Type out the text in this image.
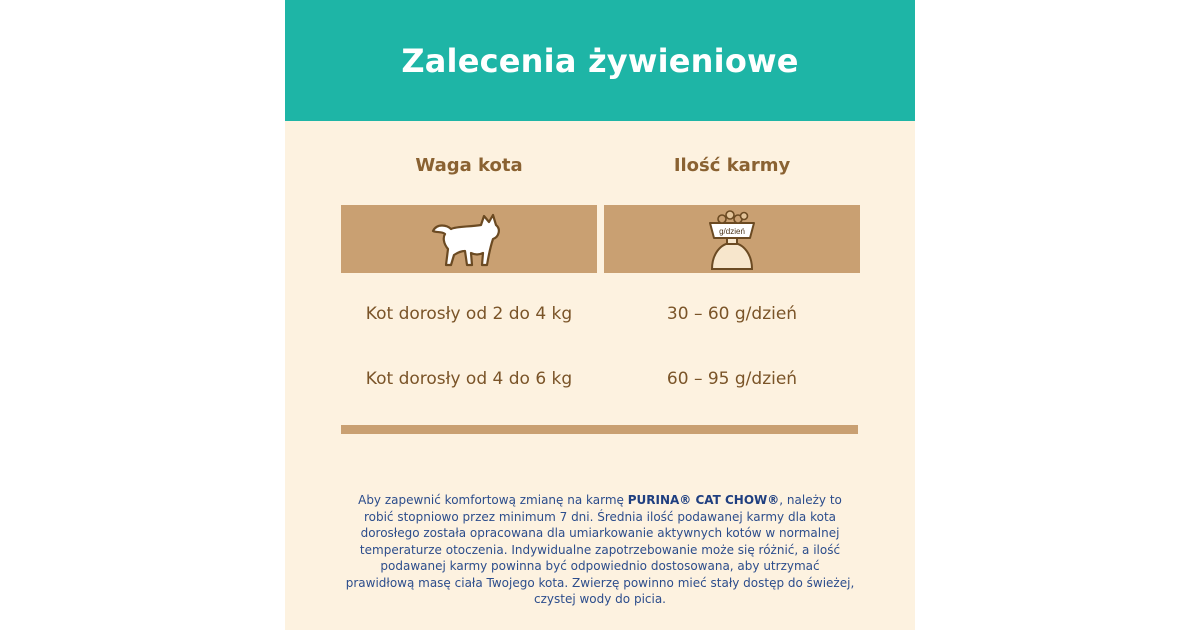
Zalecenia żywieniowe
Waga kota	Ilość karmy
g/dzień
Kot dorosły od 2 do 4 kg	30 – 60 g/dzień
Kot dorosły od 4 do 6 kg	60 – 95 g/dzień
Aby zapewnić komfortową zmianę na karmę PURINA® CAT CHOW®, należy to robić stopniowo przez minimum 7 dni. Średnia ilość podawanej karmy dla kota dorosłego została opracowana dla umiarkowanie aktywnych kotów w normalnej temperaturze otoczenia. Indywidualne zapotrzebowanie może się różnić, a ilość podawanej karmy powinna być odpowiednio dostosowana, aby utrzymać prawidłową masę ciała Twojego kota. Zwierzę powinno mieć stały dostęp do świeżej, czystej wody do picia.
